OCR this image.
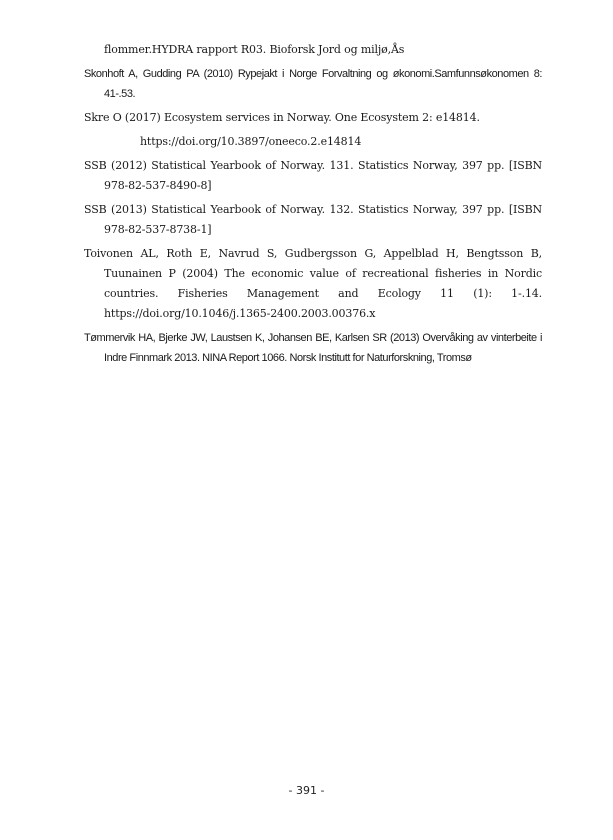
flommer.HYDRA rapport R03. Bioforsk Jord og miljø,Ås

Skonhoft A, Gudding PA (2010) Rypejakt i Norge Forvaltning og økonomi.Samfunnsøkonomen 8: 41-.53.

Skre O (2017) Ecosystem services in Norway. One Ecosystem 2: e14814.
https://doi.org/10.3897/oneeco.2.e14814

SSB (2012) Statistical Yearbook of Norway. 131. Statistics Norway, 397 pp. [ISBN 978-82-537-8490-8]

SSB (2013) Statistical Yearbook of Norway. 132. Statistics Norway, 397 pp. [ISBN 978-82-537-8738-1]

Toivonen AL, Roth E, Navrud S, Gudbergsson G, Appelblad H, Bengtsson B, Tuunainen P (2004) The economic value of recreational fisheries in Nordic countries. Fisheries Management and Ecology 11 (1): 1-.14. https://doi.org/10.1046/j.1365-2400.2003.00376.x

Tømmervik HA, Bjerke JW, Laustsen K, Johansen BE, Karlsen SR (2013) Overvåking av vinterbeite i Indre Finnmark 2013. NINA Report 1066. Norsk Institutt for Naturforskning, Tromsø

- 391 -
